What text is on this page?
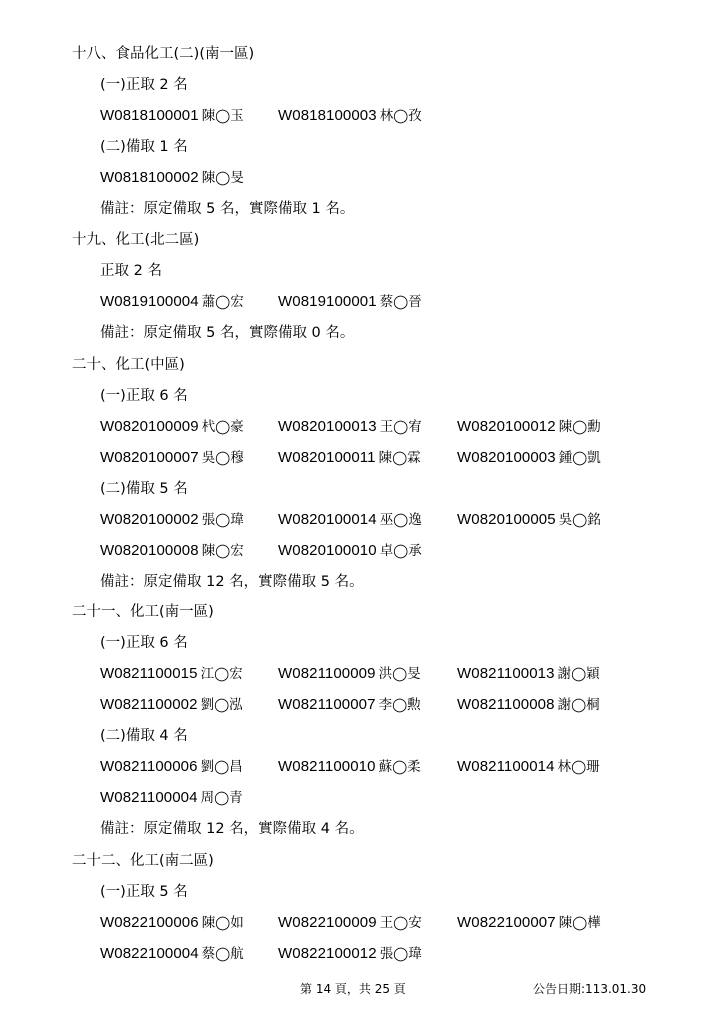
十八、食品化工(二)(南一區)
(一)正取 2 名
W0818100001 陳◯玉 W0818100003 林◯孜
(二)備取 1 名
W0818100002 陳◯旻
備註：原定備取 5 名，實際備取 1 名。
十九、化工(北二區)
正取 2 名
W0819100004 蕭◯宏 W0819100001 蔡◯晉
備註：原定備取 5 名，實際備取 0 名。
二十、化工(中區)
(一)正取 6 名
W0820100009 杙◯豪 W0820100013 王◯宥 W0820100012 陳◯勳
W0820100007 吳◯穆 W0820100011 陳◯霖 W0820100003 鍾◯凱
(二)備取 5 名
W0820100002 張◯瑋 W0820100014 巫◯逸 W0820100005 吳◯銘
W0820100008 陳◯宏 W0820100010 卓◯承
備註：原定備取 12 名，實際備取 5 名。
二十一、化工(南一區)
(一)正取 6 名
W0821100015 江◯宏 W0821100009 洪◯旻 W0821100013 謝◯穎
W0821100002 劉◯泓 W0821100007 李◯勲 W0821100008 謝◯桐
(二)備取 4 名
W0821100006 劉◯昌 W0821100010 蘇◯柔 W0821100014 林◯珊
W0821100004 周◯青
備註：原定備取 12 名，實際備取 4 名。
二十二、化工(南二區)
(一)正取 5 名
W0822100006 陳◯如 W0822100009 王◯安 W0822100007 陳◯樺
W0822100004 蔡◯航 W0822100012 張◯瑋
第 14 頁，共 25 頁	公告日期:113.01.30
